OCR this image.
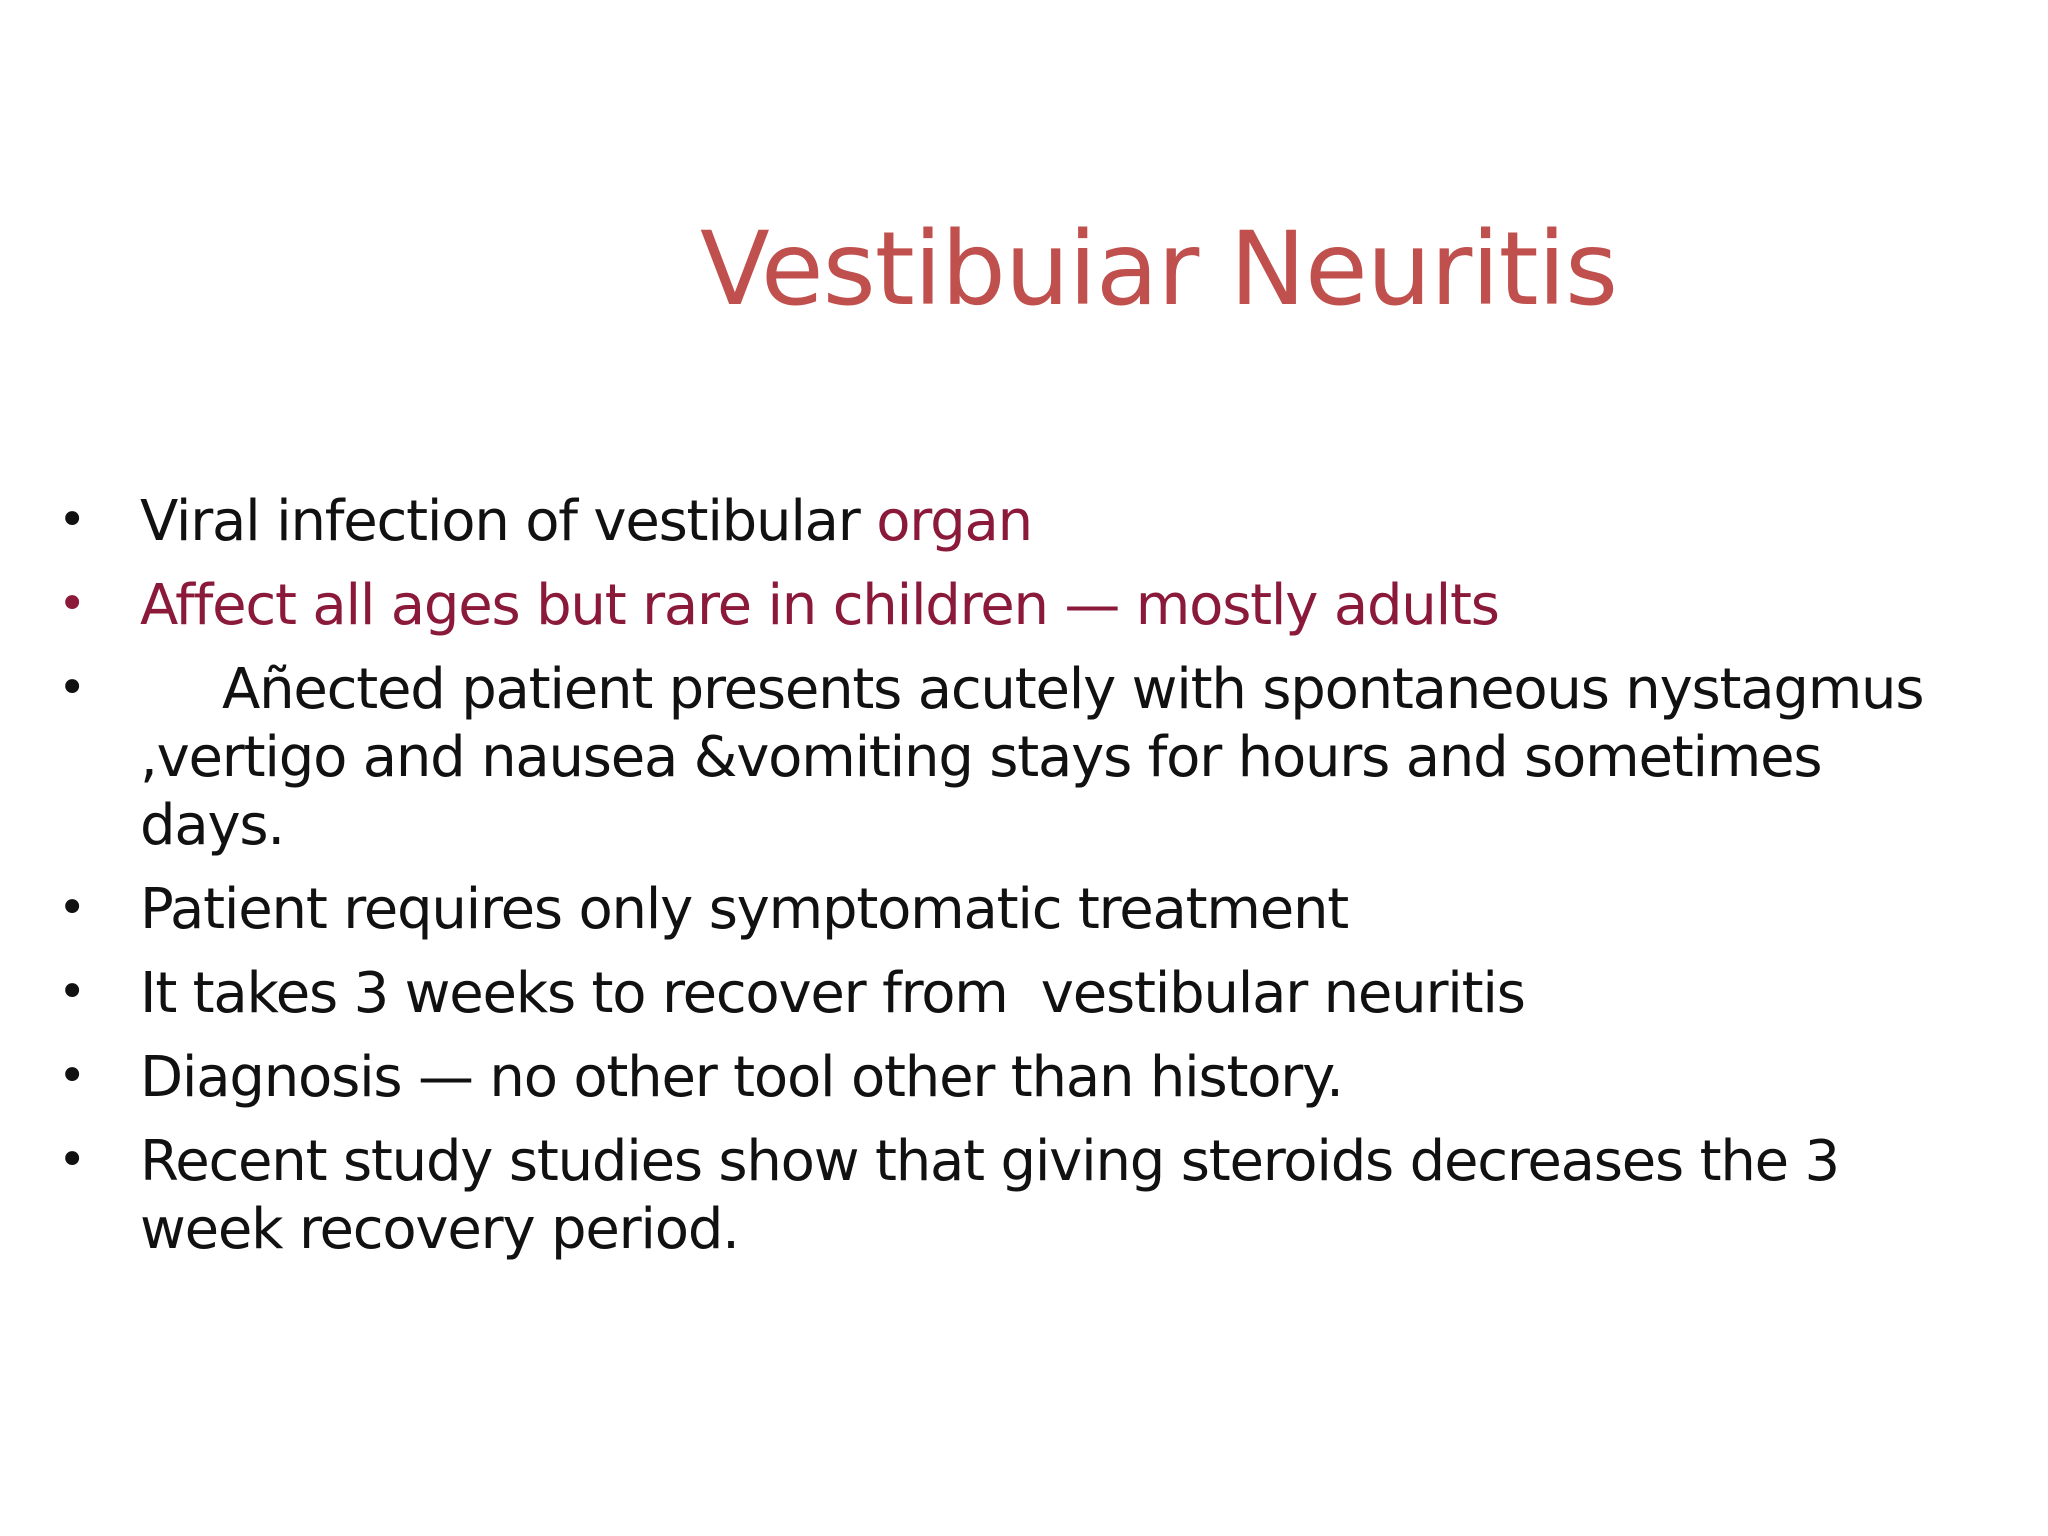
Vestibuiar Neuritis
• Viral infection of vestibular organ
• Affect all ages but rare in children — mostly adults
• Añected patient presents acutely with spontaneous nystagmus ,vertigo and nausea &vomiting stays for hours and sometimes days.
• Patient requires only symptomatic treatment
• It takes 3 weeks to recover from  vestibular neuritis
• Diagnosis — no other tool other than history.
• Recent study studies show that giving steroids decreases the 3 week recovery period.
